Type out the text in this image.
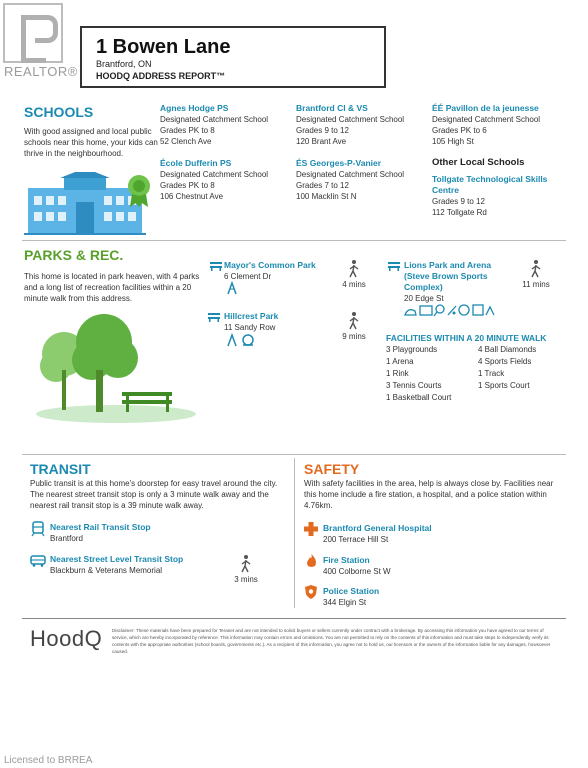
REALTOR®
1 Bowen Lane
Brantford, ON
HOODQ ADDRESS REPORT™
SCHOOLS
With good assigned and local public schools near this home, your kids can thrive in the neighbourhood.
Agnes Hodge PS
Designated Catchment School
Grades PK to 8
52 Clench Ave
École Dufferin PS
Designated Catchment School
Grades PK to 8
106 Chestnut Ave
Brantford CI & VS
Designated Catchment School
Grades 9 to 12
120 Brant Ave
ÉS Georges-P-Vanier
Designated Catchment School
Grades 7 to 12
100 Macklin St N
ÉÉ Pavillon de la jeunesse
Designated Catchment School
Grades PK to 6
105 High St
Other Local Schools
Tollgate Technological Skills Centre
Grades 9 to 12
112 Tollgate Rd
PARKS & REC.
This home is located in park heaven, with 4 parks and a long list of recreation facilities within a 20 minute walk from this address.
Mayor's Common Park
6 Clement Dr
4 mins
Hillcrest Park
11 Sandy Row
9 mins
Lions Park and Arena (Steve Brown Sports Complex)
20 Edge St
11 mins
FACILITIES WITHIN A 20 MINUTE WALK
3 Playgrounds
1 Arena
1 Rink
3 Tennis Courts
1 Basketball Court
4 Ball Diamonds
4 Sports Fields
1 Track
1 Sports Court
TRANSIT
Public transit is at this home's doorstep for easy travel around the city. The nearest street transit stop is only a 3 minute walk away and the nearest rail transit stop is a 39 minute walk away.
Nearest Rail Transit Stop
Brantford
Nearest Street Level Transit Stop
Blackburn & Veterans Memorial
3 mins
SAFETY
With safety facilities in the area, help is always close by. Facilities near this home include a fire station, a hospital, and a police station within 4.76km.
Brantford General Hospital
200 Terrace Hill St
Fire Station
400 Colborne St W
Police Station
344 Elgin St
HoodQ Disclaimer: These materials have been prepared for Teranet and are not intended to solicit buyers or sellers currently under contract with a brokerage. By accessing this information you have agreed to our terms of service, which are hereby incorporated by reference. This information may contain errors and omissions. You are not permitted to rely on the contents of this information and must take steps to independently verify its contents with the appropriate authorities (school boards, governments etc.). As a recipient of this information, you agree not to hold us, our licensors or the owners of the information liable for any damages, howsoever caused.
Licensed to BRREA
